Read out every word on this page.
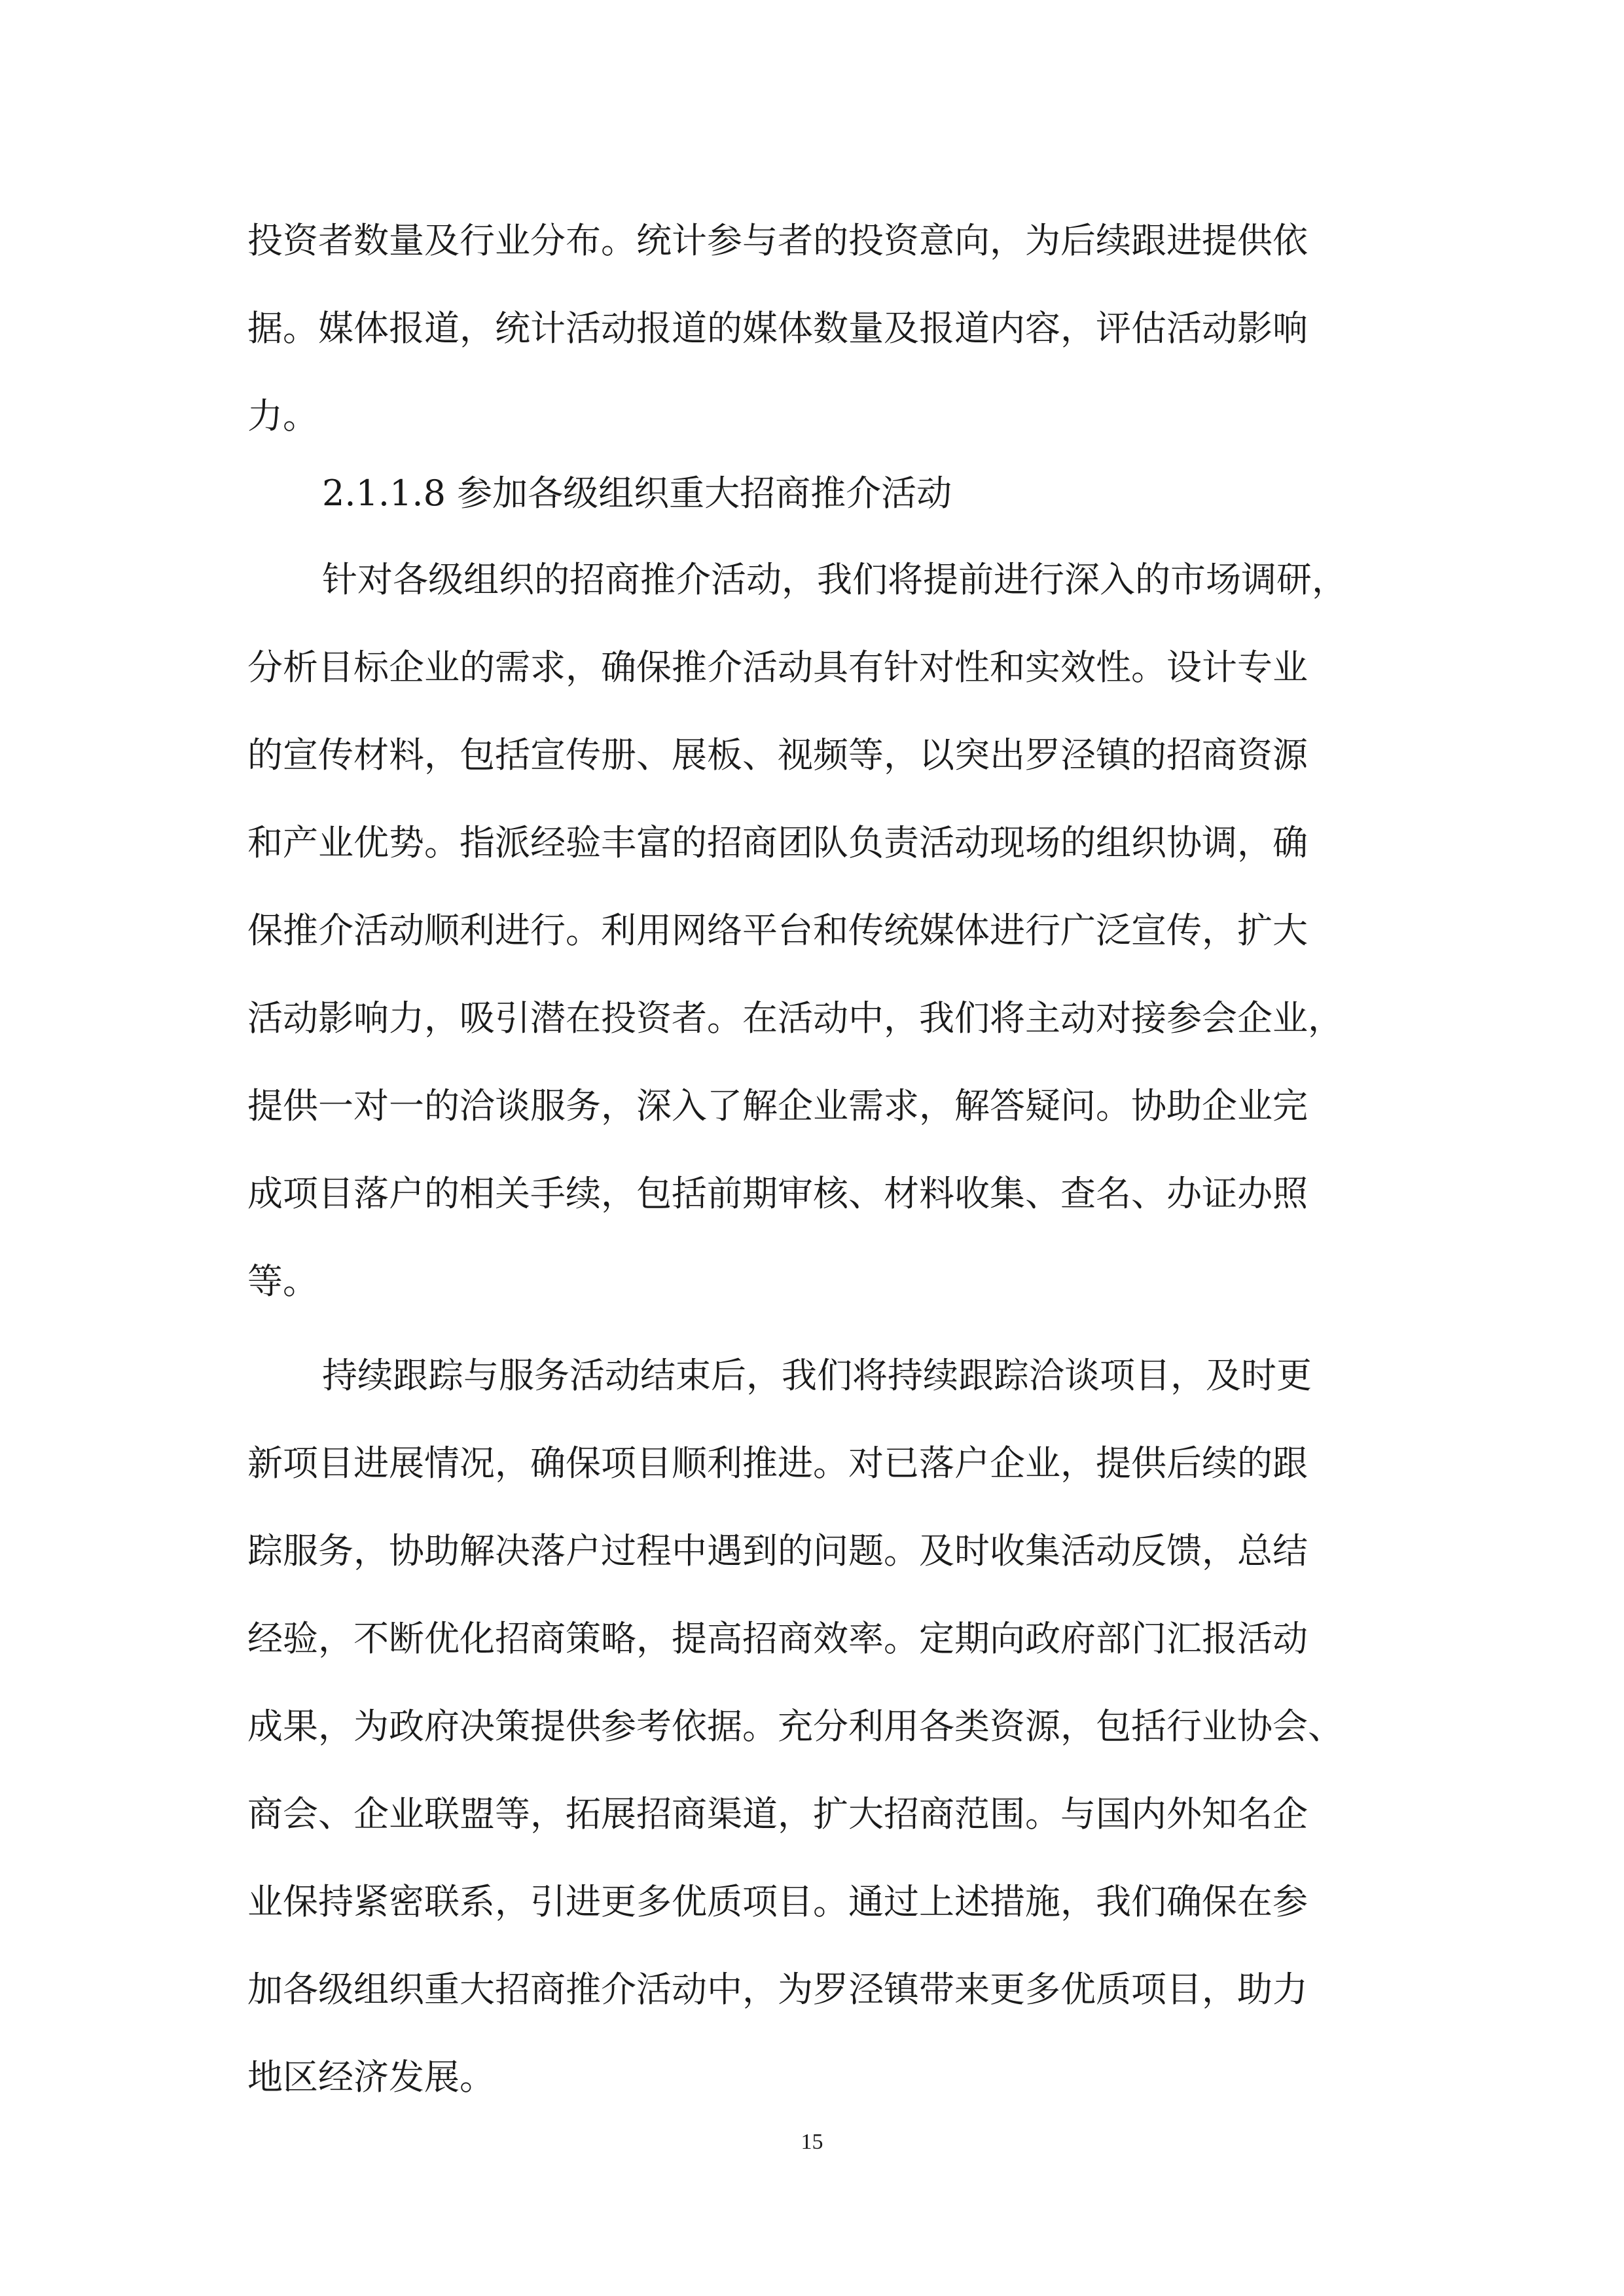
投资者数量及行业分布。统计参与者的投资意向，为后续跟进提供依
据。媒体报道，统计活动报道的媒体数量及报道内容，评估活动影响
力。
2.1.1.8 参加各级组织重大招商推介活动
针对各级组织的招商推介活动，我们将提前进行深入的市场调研，
分析目标企业的需求，确保推介活动具有针对性和实效性。设计专业
的宣传材料，包括宣传册、展板、视频等，以突出罗泾镇的招商资源
和产业优势。指派经验丰富的招商团队负责活动现场的组织协调，确
保推介活动顺利进行。利用网络平台和传统媒体进行广泛宣传，扩大
活动影响力，吸引潜在投资者。在活动中，我们将主动对接参会企业，
提供一对一的洽谈服务，深入了解企业需求，解答疑问。协助企业完
成项目落户的相关手续，包括前期审核、材料收集、查名、办证办照
等。
持续跟踪与服务活动结束后，我们将持续跟踪洽谈项目，及时更
新项目进展情况，确保项目顺利推进。对已落户企业，提供后续的跟
踪服务，协助解决落户过程中遇到的问题。及时收集活动反馈，总结
经验，不断优化招商策略，提高招商效率。定期向政府部门汇报活动
成果，为政府决策提供参考依据。充分利用各类资源，包括行业协会、
商会、企业联盟等，拓展招商渠道，扩大招商范围。与国内外知名企
业保持紧密联系，引进更多优质项目。通过上述措施，我们确保在参
加各级组织重大招商推介活动中，为罗泾镇带来更多优质项目，助力
地区经济发展。
15
